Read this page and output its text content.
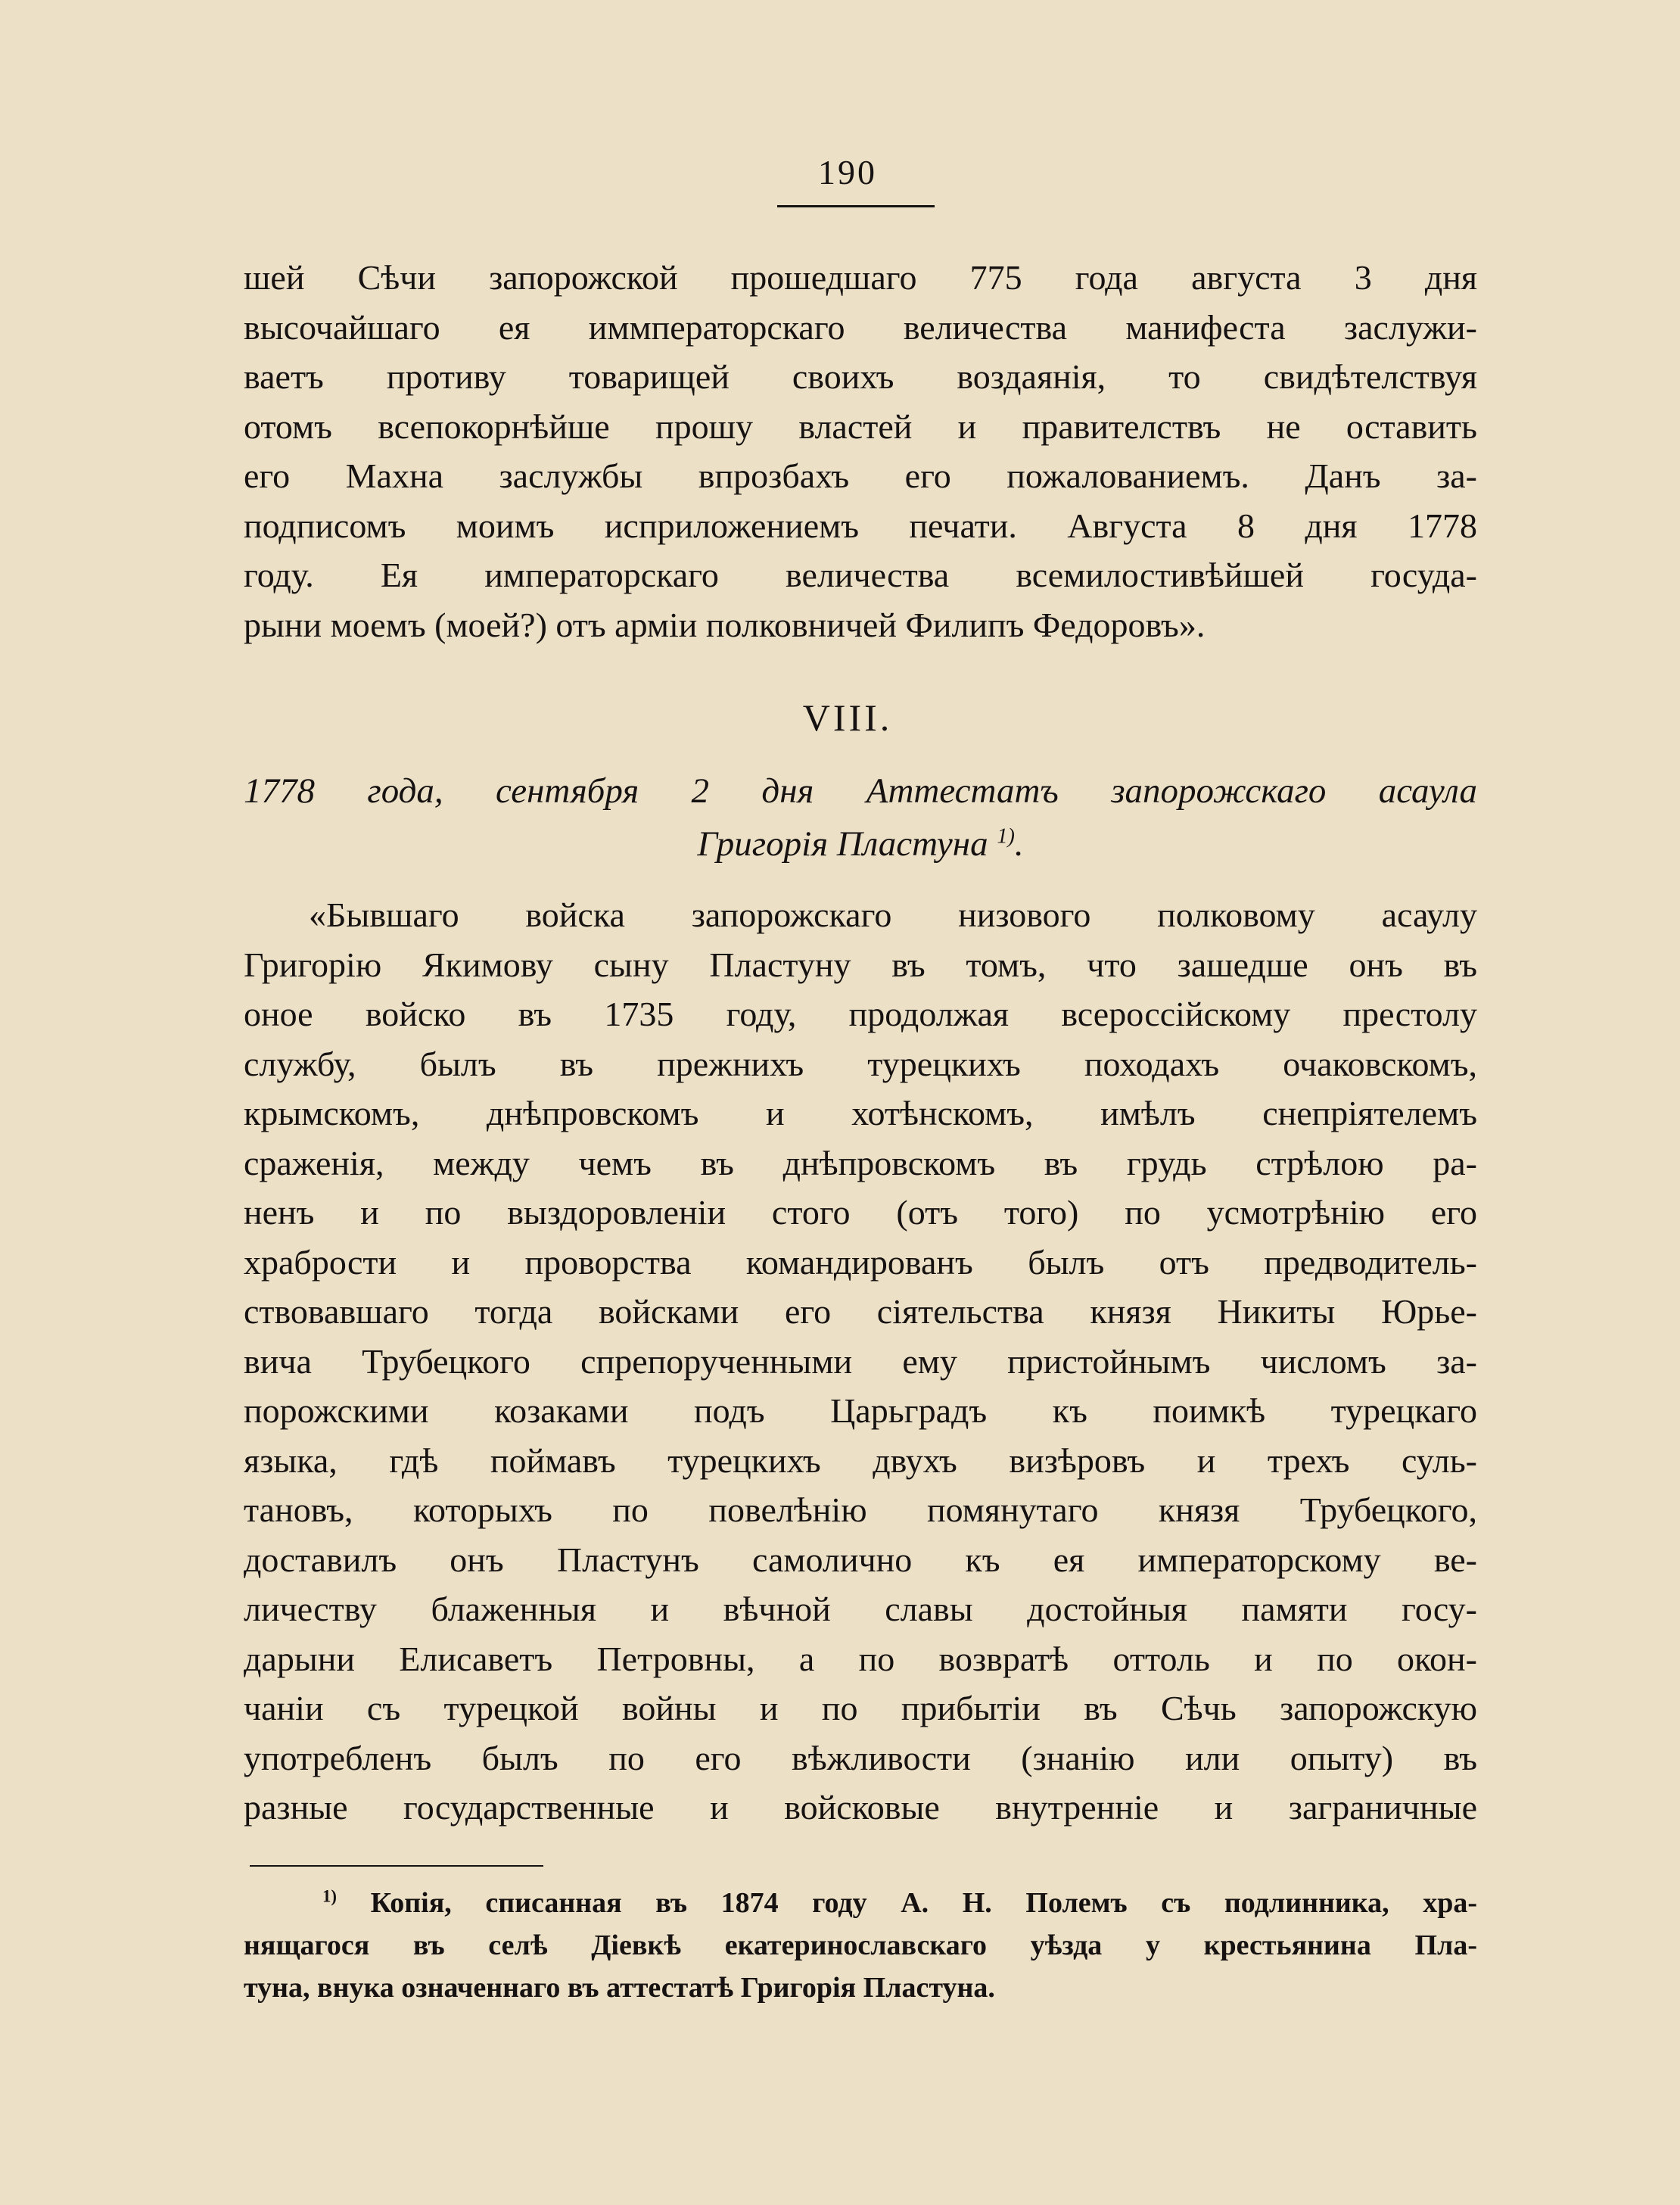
190
шей Сѣчи запорожской прошедшаго 775 года августа 3 дня
высочайшаго ея иммператорскаго величества манифеста заслужи-
ваетъ противу товарищей своихъ воздаянія, то свидѣтелствуя
отомъ всепокорнѣйше прошу властей и правителствъ не оставить
его Махна заслужбы впрозбахъ его пожалованиемъ. Данъ за-
подписомъ моимъ исприложениемъ печати. Августа 8 дня 1778
году. Ея императорскаго величества всемилостивѣйшей госуда-
рыни моемъ (моей?) отъ арміи полковничей Филипъ Федоровъ».
VIII.
1778 года, сентября 2 дня Аттестатъ запорожскаго асаула
Григорія Пластуна $^{1)}$.
«Бывшаго войска запорожскаго низового полковому асаулу
Григорію Якимову сыну Пластуну въ томъ, что зашедше онъ въ
оное войско въ 1735 году, продолжая всероссійскому престолу
службу, былъ въ прежнихъ турецкихъ походахъ очаковскомъ,
крымскомъ, днѣпровскомъ и хотѣнскомъ, имѣлъ снепріятелемъ
сраженія, между чемъ въ днѣпровскомъ въ грудь стрѣлою ра-
ненъ и по выздоровленіи стого (отъ того) по усмотрѣнію его
храбрости и проворства командированъ былъ отъ предводитель-
ствовавшаго тогда войсками его сіятельства князя Никиты Юрье-
вича Трубецкого спрепорученными ему пристойнымъ числомъ за-
порожскими козаками подъ Царьградъ къ поимкѣ турецкаго
языка, гдѣ поймавъ турецкихъ двухъ визѣровъ и трехъ суль-
тановъ, которыхъ по повелѣнію помянутаго князя Трубецкого,
доставилъ онъ Пластунъ самолично къ ея императорскому ве-
личеству блаженныя и вѣчной славы достойныя памяти госу-
дарыни Елисаветъ Петровны, а по возвратѣ оттоль и по окон-
чаніи съ турецкой войны и по прибытіи въ Сѣчь запорожскую
употребленъ былъ по его вѣжливости (знанію или опыту) въ
разные государственные и войсковые внутренніе и заграничные
$^{1)}$ Копія, списанная въ 1874 году А. Н. Полемъ съ подлинника, хра-
нящагося въ селѣ Діевкѣ екатеринославскаго уѣзда у крестьянина Пла-
туна, внука означеннаго въ аттестатѣ Григорія Пластуна.
